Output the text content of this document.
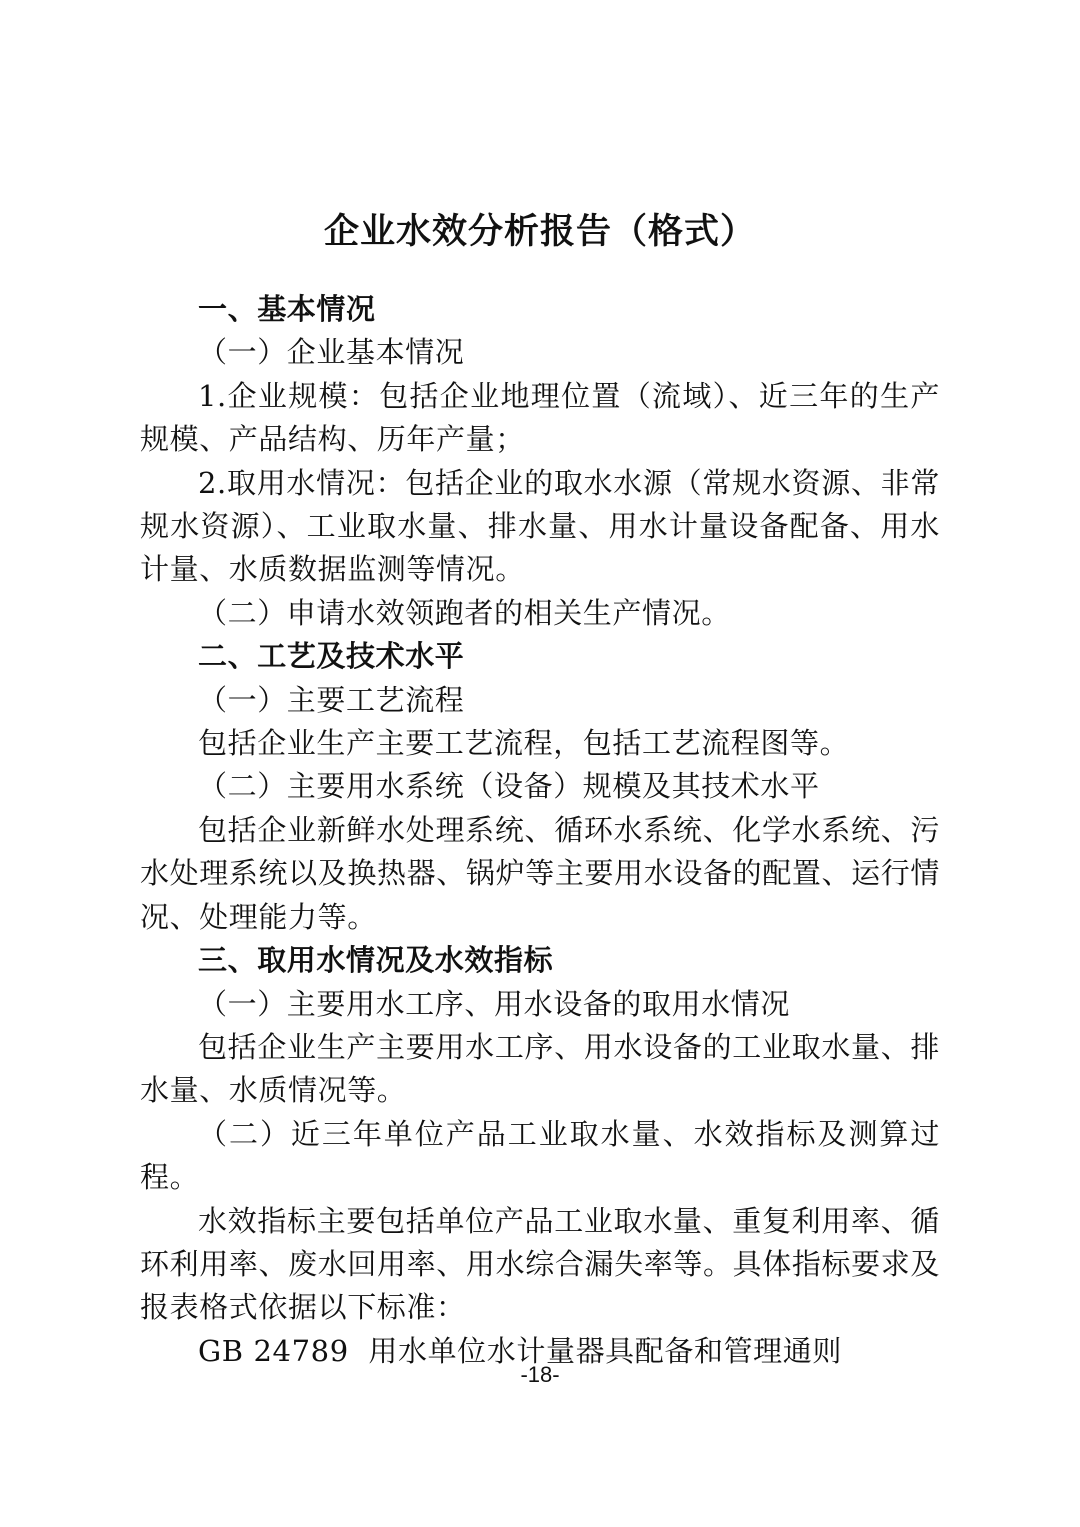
企业水效分析报告（格式）

一、基本情况

（一）企业基本情况

1.企业规模：包括企业地理位置（流域）、近三年的生产规模、产品结构、历年产量；

2.取用水情况：包括企业的取水水源（常规水资源、非常规水资源）、工业取水量、排水量、用水计量设备配备、用水计量、水质数据监测等情况。

（二）申请水效领跑者的相关生产情况。

二、工艺及技术水平

（一）主要工艺流程

包括企业生产主要工艺流程，包括工艺流程图等。

（二）主要用水系统（设备）规模及其技术水平

包括企业新鲜水处理系统、循环水系统、化学水系统、污水处理系统以及换热器、锅炉等主要用水设备的配置、运行情况、处理能力等。

三、取用水情况及水效指标

（一）主要用水工序、用水设备的取用水情况

包括企业生产主要用水工序、用水设备的工业取水量、排水量、水质情况等。

（二）近三年单位产品工业取水量、水效指标及测算过程。

水效指标主要包括单位产品工业取水量、重复利用率、循环利用率、废水回用率、用水综合漏失率等。具体指标要求及报表格式依据以下标准：

GB 24789  用水单位水计量器具配备和管理通则

-18-
